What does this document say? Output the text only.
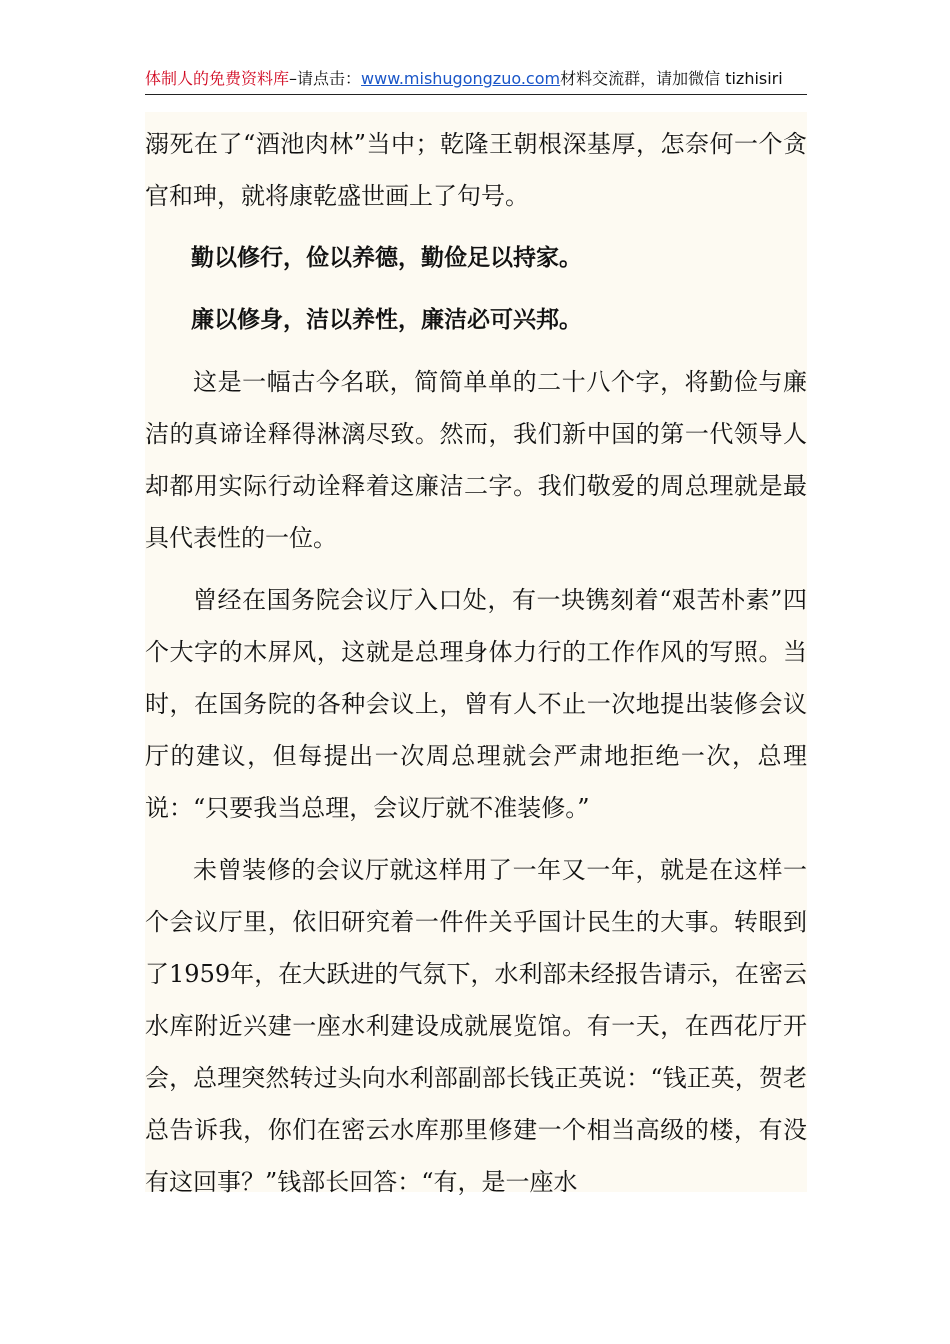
体制人的免费资料库–请点击：www.mishugongzuo.com材料交流群，请加微信 tizhisiri

溺死在了“酒池肉林”当中；乾隆王朝根深基厚，怎奈何一个贪官和珅，就将康乾盛世画上了句号。

勤以修行，俭以养德，勤俭足以持家。

廉以修身，洁以养性，廉洁必可兴邦。

这是一幅古今名联，简简单单的二十八个字，将勤俭与廉洁的真谛诠释得淋漓尽致。然而，我们新中国的第一代领导人却都用实际行动诠释着这廉洁二字。我们敬爱的周总理就是最具代表性的一位。

曾经在国务院会议厅入口处，有一块镌刻着“艰苦朴素”四个大字的木屏风，这就是总理身体力行的工作作风的写照。当时，在国务院的各种会议上，曾有人不止一次地提出装修会议厅的建议，但每提出一次周总理就会严肃地拒绝一次，总理说：“只要我当总理，会议厅就不准装修。”

未曾装修的会议厅就这样用了一年又一年，就是在这样一个会议厅里，依旧研究着一件件关乎国计民生的大事。转眼到了1959年，在大跃进的气氛下，水利部未经报告请示，在密云水库附近兴建一座水利建设成就展览馆。有一天，在西花厅开会，总理突然转过头向水利部副部长钱正英说：“钱正英，贺老总告诉我，你们在密云水库那里修建一个相当高级的楼，有没有这回事？”钱部长回答：“有，是一座水
